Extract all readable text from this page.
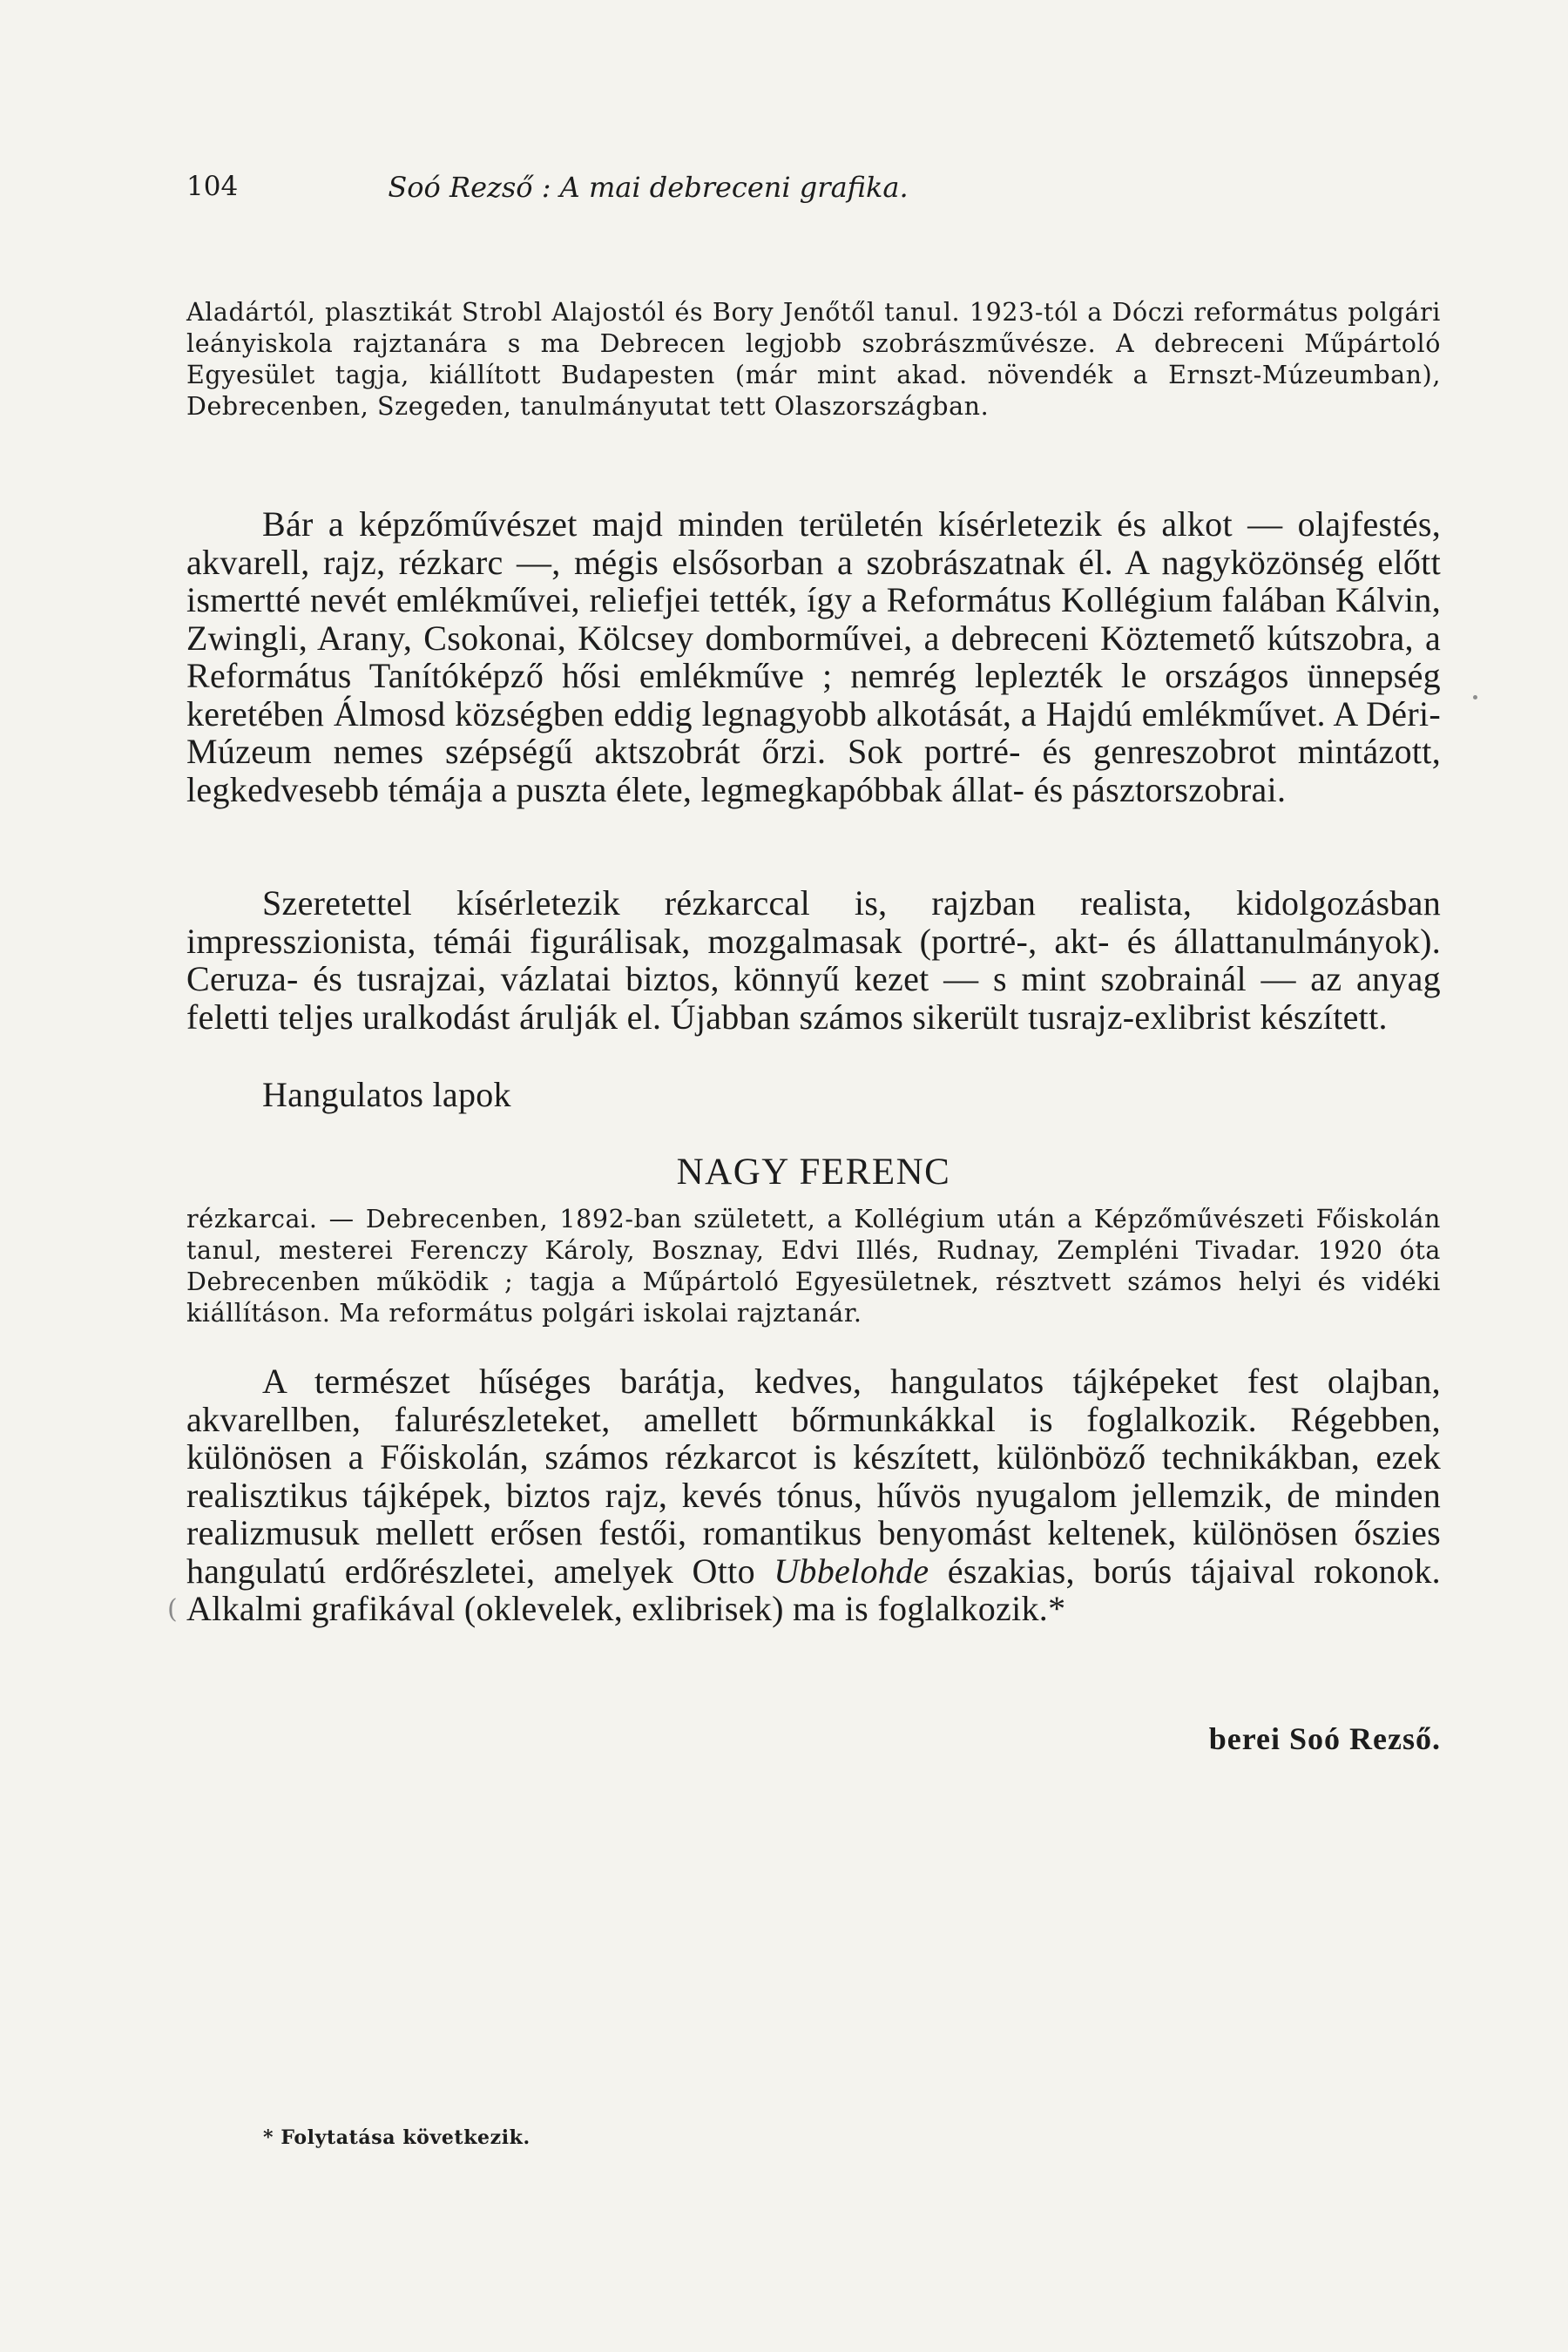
104	Soó Rezső : A mai debreceni grafika.

Aladártól, plasztikát Strobl Alajostól és Bory Jenőtől tanul. 1923-tól a Dóczi református polgári leányiskola rajztanára s ma Debrecen legjobb szobrászművésze. A debreceni Műpártoló Egyesület tagja, kiállított Budapesten (már mint akad. növendék a Ernszt-Múzeumban), Debrecenben, Szegeden, tanulmányutat tett Olaszországban.

Bár a képzőművészet majd minden területén kísérletezik és alkot — olajfestés, akvarell, rajz, rézkarc —, mégis elsősorban a szobrászatnak él. A nagyközönség előtt ismertté nevét emlékművei, reliefjei tették, így a Református Kollégium falában Kálvin, Zwingli, Arany, Csokonai, Kölcsey domborművei, a debreceni Köztemető kútszobra, a Református Tanítóképző hősi emlékműve ; nemrég leplezték le országos ünnepség keretében Álmosd községben eddig legnagyobb alkotását, a Hajdú emlékművet. A Déri-Múzeum nemes szépségű aktszobrát őrzi. Sok portré- és genreszobrot mintázott, legkedvesebb témája a puszta élete, legmegkapóbbak állat- és pásztorszobrai.

Szeretettel kísérletezik rézkarccal is, rajzban realista, kidolgozásban impresszionista, témái figurálisak, mozgalmasak (portré-, akt- és állattanulmányok). Ceruza- és tusrajzai, vázlatai biztos, könnyű kezet — s mint szobrainál — az anyag feletti teljes uralkodást árulják el. Újabban számos sikerült tusrajz-exlibrist készített.

Hangulatos lapok
NAGY FERENC

rézkarcai. — Debrecenben, 1892-ban született, a Kollégium után a Képzőművészeti Főiskolán tanul, mesterei Ferenczy Károly, Bosznay, Edvi Illés, Rudnay, Zempléni Tivadar. 1920 óta Debrecenben működik ; tagja a Műpártoló Egyesületnek, résztvett számos helyi és vidéki kiállításon. Ma református polgári iskolai rajztanár.

A természet hűséges barátja, kedves, hangulatos tájképeket fest olajban, akvarellben, falurészleteket, amellett bőrmunkákkal is foglalkozik. Régebben, különösen a Főiskolán, számos rézkarcot is készített, különböző technikákban, ezek realisztikus tájképek, biztos rajz, kevés tónus, hűvös nyugalom jellemzik, de minden realizmusuk mellett erősen festői, romantikus benyomást keltenek, különösen őszies hangulatú erdőrészletei, amelyek Otto Ubbelohde északias, borús tájaival rokonok. Alkalmi grafikával (oklevelek, exlibrisek) ma is foglalkozik.*

(
berei Soó Rezső.
* Folytatása következik.
